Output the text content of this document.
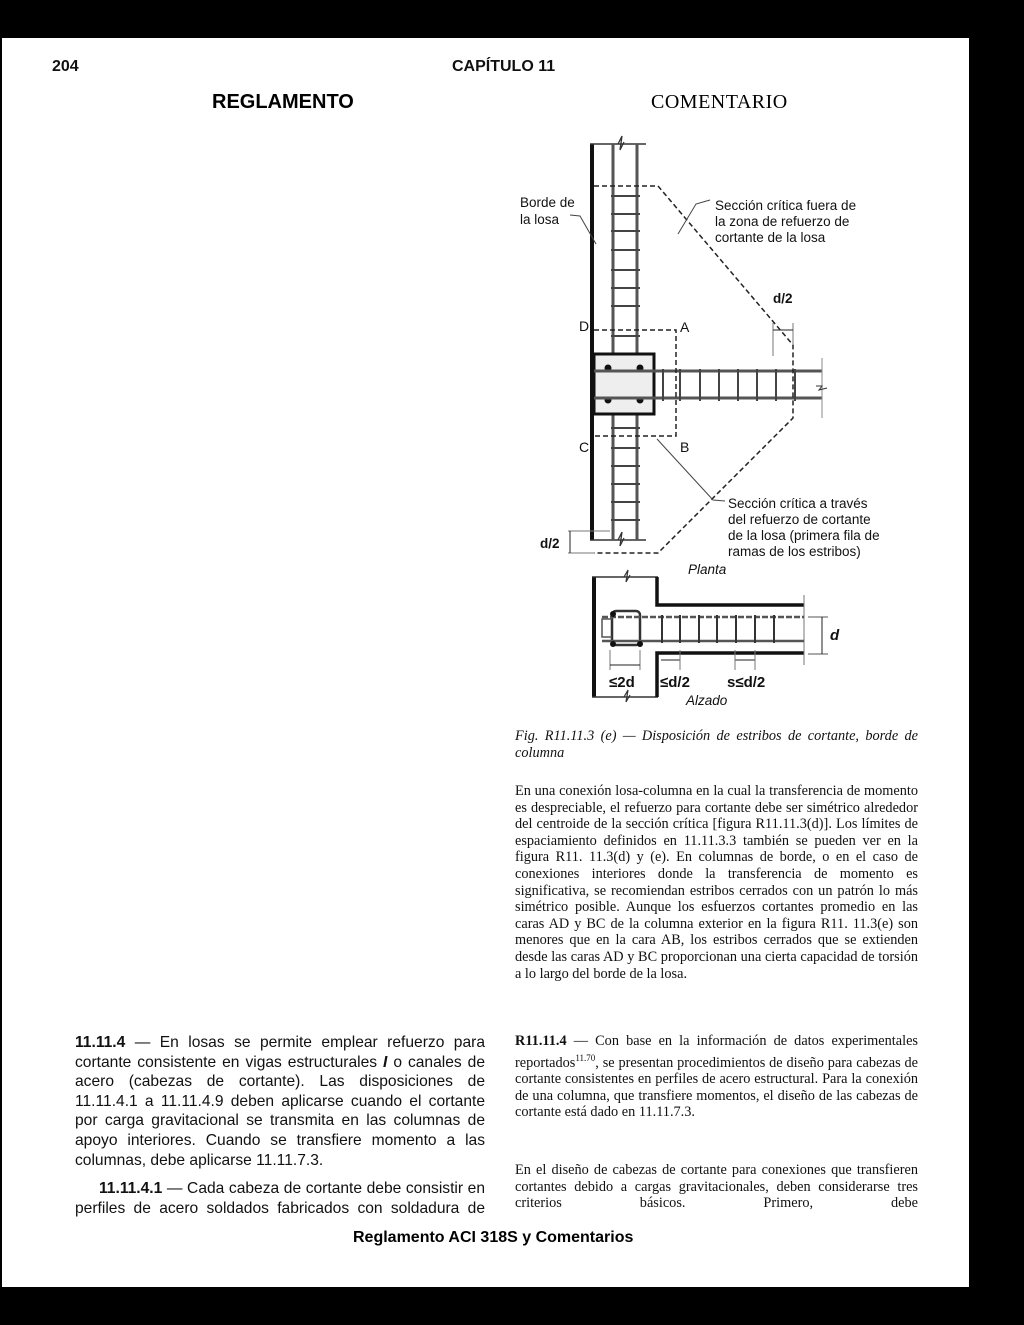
204	CAPÍTULO 11
REGLAMENTO	COMENTARIO
Borde de
la losa
Sección crítica fuera de
la zona de refuerzo de
cortante de la losa
d/2
D	A
C	B
Sección crítica a través
del refuerzo de cortante
de la losa (primera fila de
ramas de los estribos)
d/2
Planta
≤2d ≤d/2 s≤d/2
d
Alzado
Fig. R11.11.3 (e) — Disposición de estribos de cortante, borde de columna
En una conexión losa-columna en la cual la transferencia de momento es despreciable, el refuerzo para cortante debe ser simétrico alrededor del centroide de la sección crítica [figura R11.11.3(d)]. Los límites de espaciamiento definidos en 11.11.3.3 también se pueden ver en la figura R11. 11.3(d) y (e). En columnas de borde, o en el caso de conexiones interiores donde la transferencia de momento es significativa, se recomiendan estribos cerrados con un patrón lo más simétrico posible. Aunque los esfuerzos cortantes promedio en las caras AD y BC de la columna exterior en la figura R11. 11.3(e) son menores que en la cara AB, los estribos cerrados que se extienden desde las caras AD y BC proporcionan una cierta capacidad de torsión a lo largo del borde de la losa.
R11.11.4 — Con base en la información de datos experimentales reportados$^{11.70}$, se presentan procedimientos de diseño para cabezas de cortante consistentes en perfiles de acero estructural. Para la conexión de una columna, que transfiere momentos, el diseño de las cabezas de cortante está dado en 11.11.7.3.
En el diseño de cabezas de cortante para conexiones que transfieren cortantes debido a cargas gravitacionales, deben considerarse tres criterios básicos. Primero, debe
11.11.4 — En losas se permite emplear refuerzo para cortante consistente en vigas estructurales I o canales de acero (cabezas de cortante). Las disposiciones de 11.11.4.1 a 11.11.4.9 deben aplicarse cuando el cortante por carga gravitacional se transmita en las columnas de apoyo interiores. Cuando se transfiere momento a las columnas, debe aplicarse 11.11.7.3.
11.11.4.1 — Cada cabeza de cortante debe consistir en perfiles de acero soldados fabricados con soldadura de
Reglamento ACI 318S y Comentarios
